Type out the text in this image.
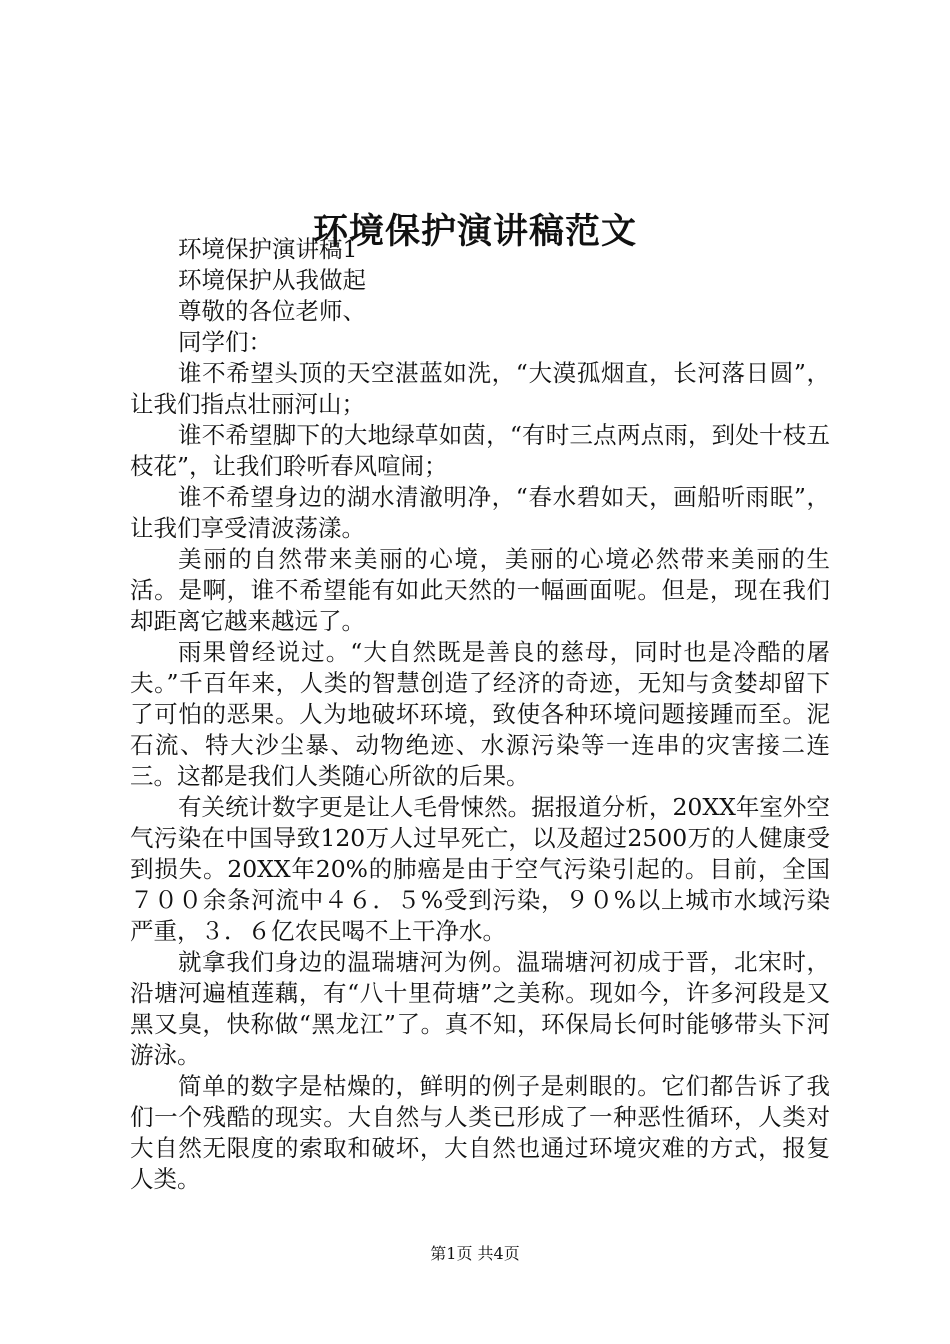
环境保护演讲稿范文

环境保护演讲稿1

环境保护从我做起

尊敬的各位老师、

同学们：

谁不希望头顶的天空湛蓝如洗，“大漠孤烟直，长河落日圆”，让我们指点壮丽河山；

谁不希望脚下的大地绿草如茵，“有时三点两点雨，到处十枝五枝花”，让我们聆听春风喧闹；

谁不希望身边的湖水清澈明净，“春水碧如天，画船听雨眠”，让我们享受清波荡漾。

美丽的自然带来美丽的心境，美丽的心境必然带来美丽的生活。是啊，谁不希望能有如此天然的一幅画面呢。但是，现在我们却距离它越来越远了。

雨果曾经说过。“大自然既是善良的慈母，同时也是冷酷的屠夫。”千百年来，人类的智慧创造了经济的奇迹，无知与贪婪却留下了可怕的恶果。人为地破坏环境，致使各种环境问题接踵而至。泥石流、特大沙尘暴、动物绝迹、水源污染等一连串的灾害接二连三。这都是我们人类随心所欲的后果。

有关统计数字更是让人毛骨悚然。据报道分析，20XX年室外空气污染在中国导致120万人过早死亡，以及超过2500万的人健康受到损失。20XX年20%的肺癌是由于空气污染引起的。目前，全国７００余条河流中４６．５%受到污染，９０%以上城市水域污染严重，３．６亿农民喝不上干净水。

就拿我们身边的温瑞塘河为例。温瑞塘河初成于晋，北宋时，沿塘河遍植莲藕，有“八十里荷塘”之美称。现如今，许多河段是又黑又臭，快称做“黑龙江”了。真不知，环保局长何时能够带头下河游泳。

简单的数字是枯燥的，鲜明的例子是刺眼的。它们都告诉了我们一个残酷的现实。大自然与人类已形成了一种恶性循环，人类对大自然无限度的索取和破坏，大自然也通过环境灾难的方式，报复人类。

第1页 共4页
